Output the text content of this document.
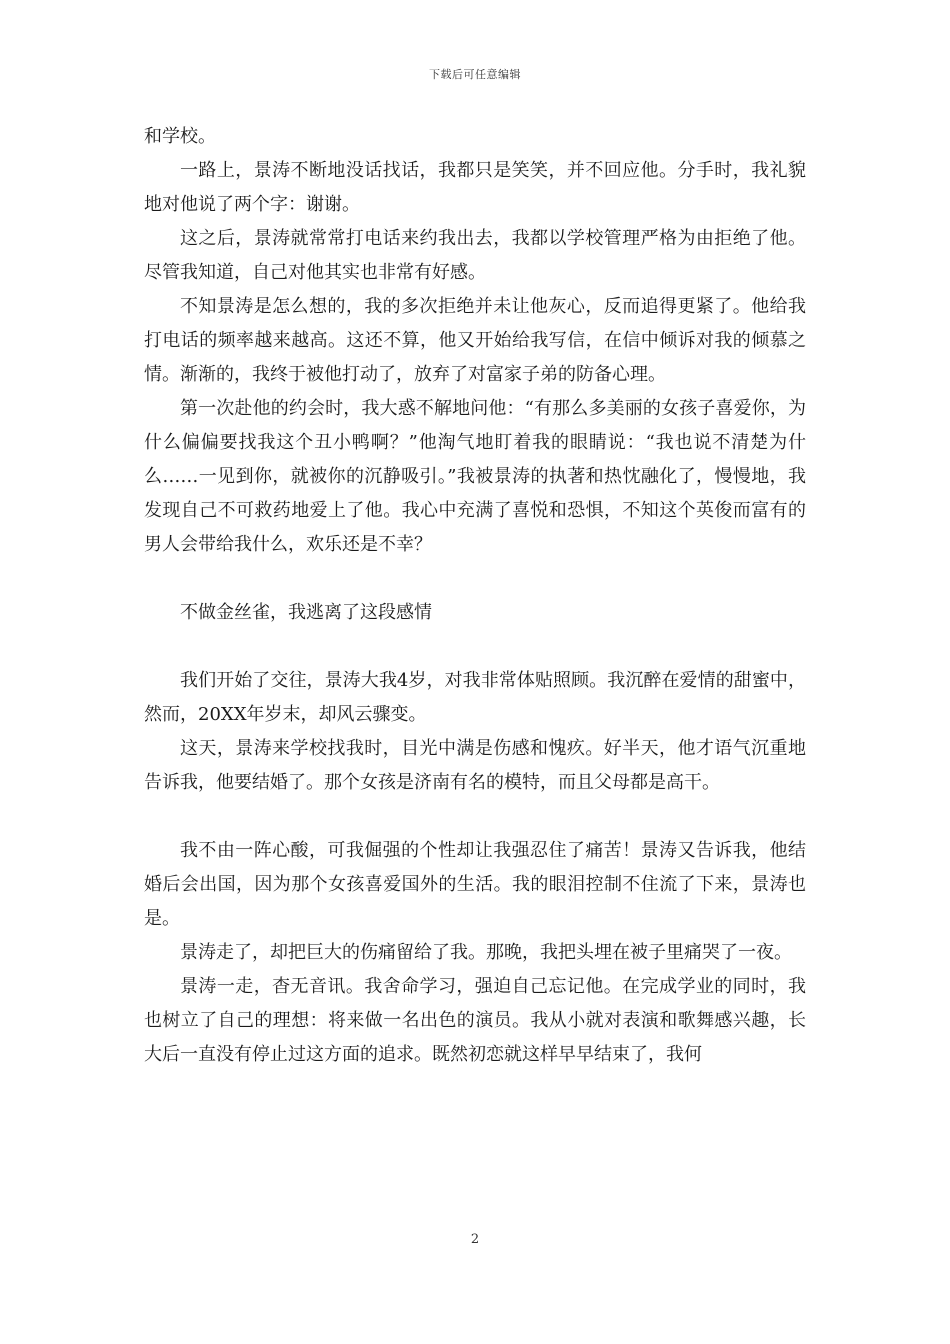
下载后可任意编辑

和学校。

一路上，景涛不断地没话找话，我都只是笑笑，并不回应他。分手时，我礼貌地对他说了两个字：谢谢。

这之后，景涛就常常打电话来约我出去，我都以学校管理严格为由拒绝了他。尽管我知道，自己对他其实也非常有好感。

不知景涛是怎么想的，我的多次拒绝并未让他灰心，反而追得更紧了。他给我打电话的频率越来越高。这还不算，他又开始给我写信，在信中倾诉对我的倾慕之情。渐渐的，我终于被他打动了，放弃了对富家子弟的防备心理。

第一次赴他的约会时，我大惑不解地问他：“有那么多美丽的女孩子喜爱你，为什么偏偏要找我这个丑小鸭啊？”他淘气地盯着我的眼睛说：“我也说不清楚为什么……一见到你，就被你的沉静吸引。”我被景涛的执著和热忱融化了，慢慢地，我发现自己不可救药地爱上了他。我心中充满了喜悦和恐惧，不知这个英俊而富有的男人会带给我什么，欢乐还是不幸？

不做金丝雀，我逃离了这段感情

我们开始了交往，景涛大我4岁，对我非常体贴照顾。我沉醉在爱情的甜蜜中，然而，20XX年岁末，却风云骤变。

这天，景涛来学校找我时，目光中满是伤感和愧疚。好半天，他才语气沉重地告诉我，他要结婚了。那个女孩是济南有名的模特，而且父母都是高干。

我不由一阵心酸，可我倔强的个性却让我强忍住了痛苦！景涛又告诉我，他结婚后会出国，因为那个女孩喜爱国外的生活。我的眼泪控制不住流了下来，景涛也是。

景涛走了，却把巨大的伤痛留给了我。那晚，我把头埋在被子里痛哭了一夜。

景涛一走，杳无音讯。我舍命学习，强迫自己忘记他。在完成学业的同时，我也树立了自己的理想：将来做一名出色的演员。我从小就对表演和歌舞感兴趣，长大后一直没有停止过这方面的追求。既然初恋就这样早早结束了，我何

2
